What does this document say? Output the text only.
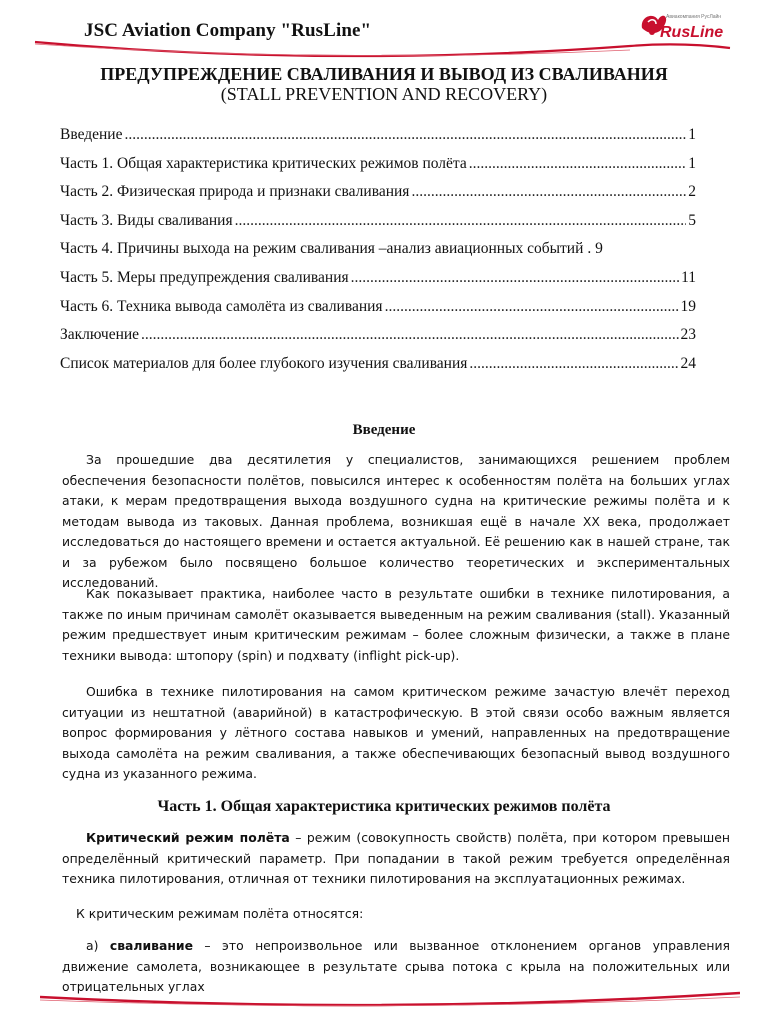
JSC Aviation Company "RusLine"
Авиакомпания РусЛайн
RusLine
ПРЕДУПРЕЖДЕНИЕ СВАЛИВАНИЯ И ВЫВОД ИЗ СВАЛИВАНИЯ
(STALL PREVENTION AND RECOVERY)
Введение .....	1
Часть 1. Общая характеристика критических режимов полёта .....	1
Часть 2. Физическая природа и признаки сваливания .....	2
Часть 3. Виды сваливания .....	5
Часть 4. Причины выхода на режим сваливания –анализ авиационных событий . 9
Часть 5. Меры предупреждения сваливания .....	11
Часть 6. Техника вывода самолёта из сваливания .....	19
Заключение .....	23
Список материалов для более глубокого изучения сваливания .....	24
Введение

За прошедшие два десятилетия у специалистов, занимающихся решением проблем обеспечения безопасности полётов, повысился интерес к особенностям полёта на больших углах атаки, к мерам предотвращения выхода воздушного судна на критические режимы полёта и к методам вывода из таковых. Данная проблема, возникшая ещё в начале XX века, продолжает исследоваться до настоящего времени и остается актуальной. Её решению как в нашей стране, так и за рубежом было посвящено большое количество теоретических и экспериментальных исследований.

Как показывает практика, наиболее часто в результате ошибки в технике пилотирования, а также по иным причинам самолёт оказывается выведенным на режим сваливания (stall). Указанный режим предшествует иным критическим режимам – более сложным физически, а также в плане техники вывода: штопору (spin) и подхвату (inflight pick-up).

Ошибка в технике пилотирования на самом критическом режиме зачастую влечёт переход ситуации из нештатной (аварийной) в катастрофическую. В этой связи особо важным является вопрос формирования у лётного состава навыков и умений, направленных на предотвращение выхода самолёта на режим сваливания, а также обеспечивающих безопасный вывод воздушного судна из указанного режима.

Часть 1. Общая характеристика критических режимов полёта

Критический режим полёта – режим (совокупность свойств) полёта, при котором превышен определённый критический параметр. При попадании в такой режим требуется определённая техника пилотирования, отличная от техники пилотирования на эксплуатационных режимах.

К критическим режимам полёта относятся:

а) сваливание – это непроизвольное или вызванное отклонением органов управления движение самолета, возникающее в результате срыва потока с крыла на положительных или отрицательных углах
